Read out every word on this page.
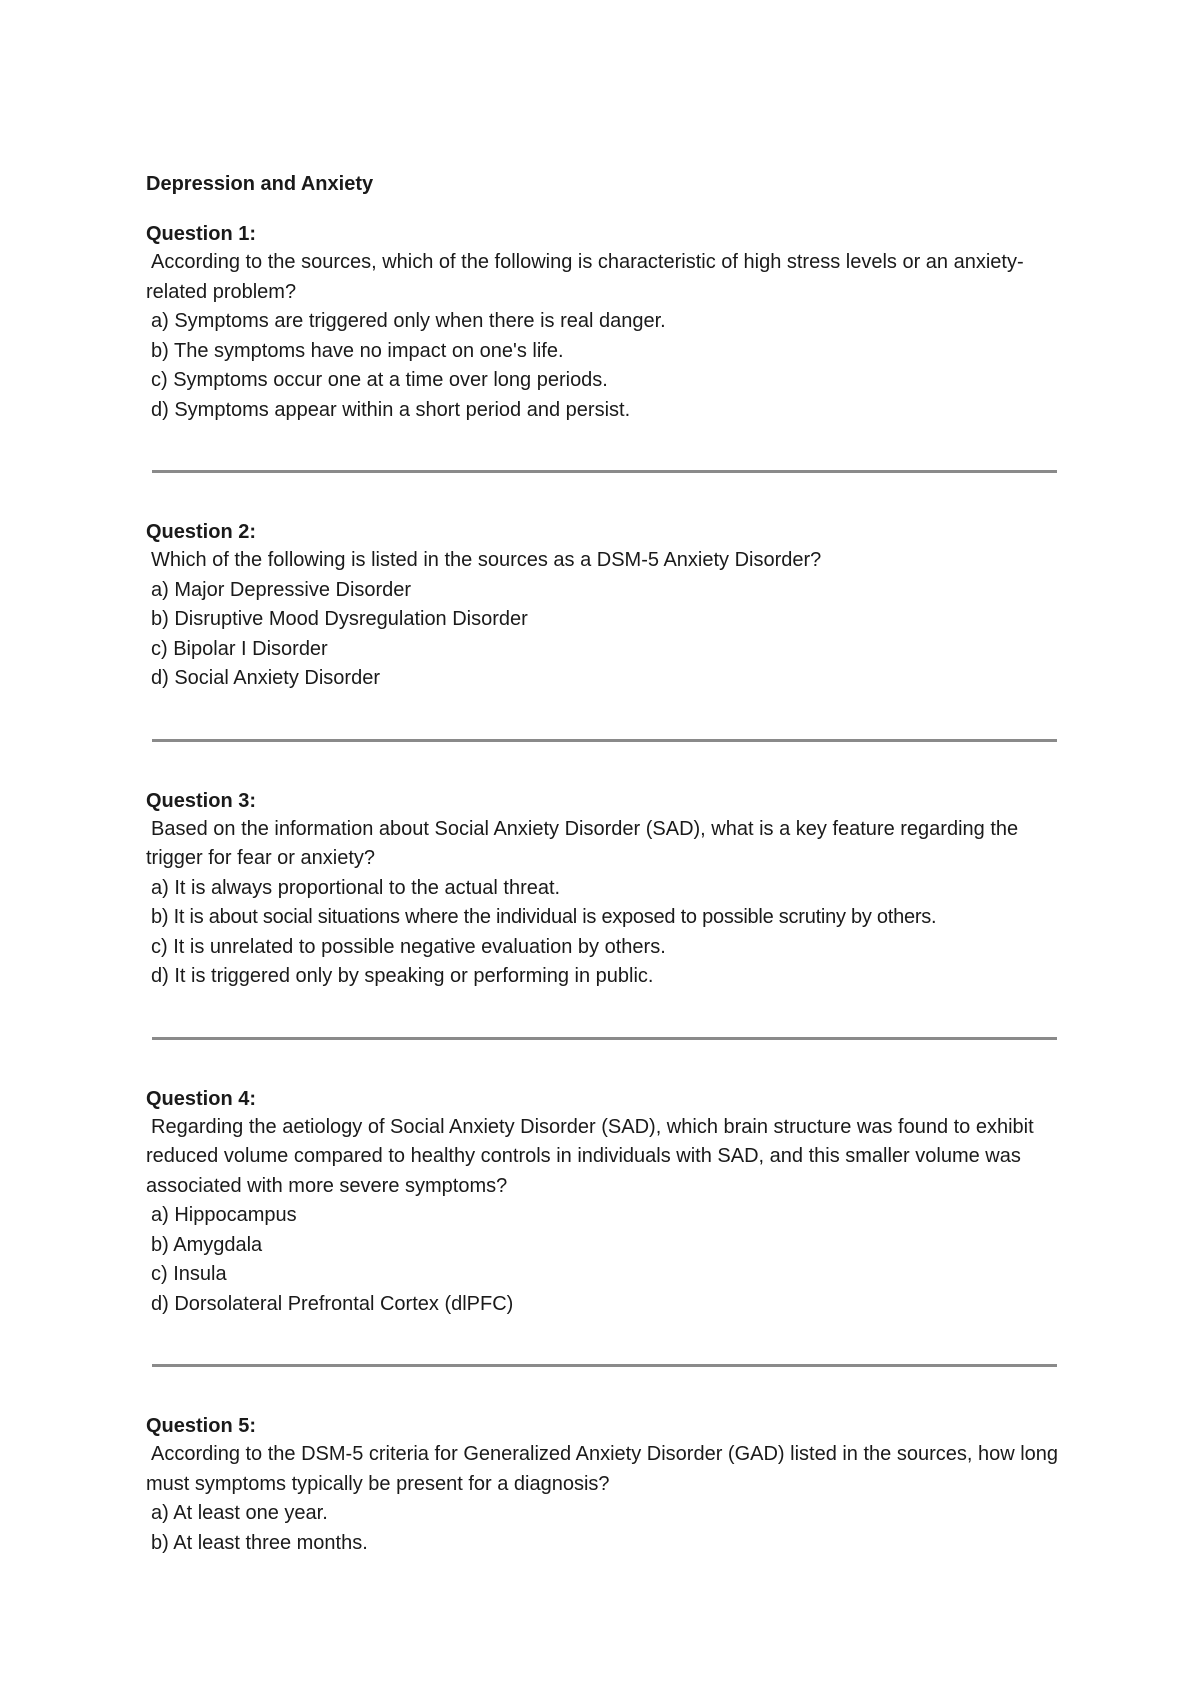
Depression and Anxiety

Question 1:

According to the sources, which of the following is characteristic of high stress levels or an anxiety-related problem?

a) Symptoms are triggered only when there is real danger.
b) The symptoms have no impact on one's life.
c) Symptoms occur one at a time over long periods.
d) Symptoms appear within a short period and persist.

Question 2:

Which of the following is listed in the sources as a DSM-5 Anxiety Disorder?

a) Major Depressive Disorder
b) Disruptive Mood Dysregulation Disorder
c) Bipolar I Disorder
d) Social Anxiety Disorder

Question 3:

Based on the information about Social Anxiety Disorder (SAD), what is a key feature regarding the trigger for fear or anxiety?

a) It is always proportional to the actual threat.
b) It is about social situations where the individual is exposed to possible scrutiny by others.
c) It is unrelated to possible negative evaluation by others.
d) It is triggered only by speaking or performing in public.

Question 4:

Regarding the aetiology of Social Anxiety Disorder (SAD), which brain structure was found to exhibit reduced volume compared to healthy controls in individuals with SAD, and this smaller volume was associated with more severe symptoms?

a) Hippocampus
b) Amygdala
c) Insula
d) Dorsolateral Prefrontal Cortex (dlPFC)

Question 5:

According to the DSM-5 criteria for Generalized Anxiety Disorder (GAD) listed in the sources, how long must symptoms typically be present for a diagnosis?

a) At least one year.
b) At least three months.
